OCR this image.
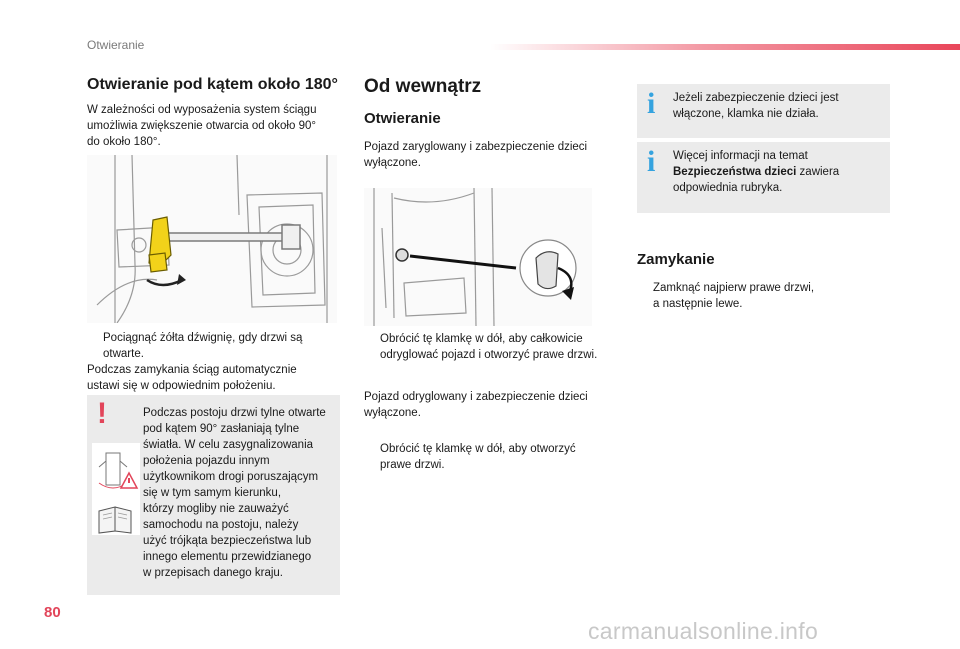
Otwieranie
Otwieranie pod kątem około 180°
W zależności od wyposażenia system ściągu
umożliwia zwiększenie otwarcia od około 90°
do około 180°.
Pociągnąć żółta dźwignię, gdy drzwi są
otwarte.
Podczas zamykania ściąg automatycznie
ustawi się w odpowiednim położeniu.
!	Podczas postoju drzwi tylne otwarte
pod kątem 90° zasłaniają tylne
światła. W celu zasygnalizowania
położenia pojazdu innym
użytkownikom drogi poruszającym
się w tym samym kierunku,
którzy mogliby nie zauważyć
samochodu na postoju, należy
użyć trójkąta bezpieczeństwa lub
innego elementu przewidzianego
w przepisach danego kraju.
Od wewnątrz
Otwieranie
Pojazd zaryglowany i zabezpieczenie dzieci
wyłączone.
Obrócić tę klamkę w dół, aby całkowicie
odryglować pojazd i otworzyć prawe drzwi.
Pojazd odryglowany i zabezpieczenie dzieci
wyłączone.
Obrócić tę klamkę w dół, aby otworzyć
prawe drzwi.
i Jeżeli zabezpieczenie dzieci jest
włączone, klamka nie działa.
i Więcej informacji na temat
Bezpieczeństwa dzieci zawiera
odpowiednia rubryka.
Zamykanie
Zamknąć najpierw prawe drzwi,
a następnie lewe.
80
carmanualsonline.info
